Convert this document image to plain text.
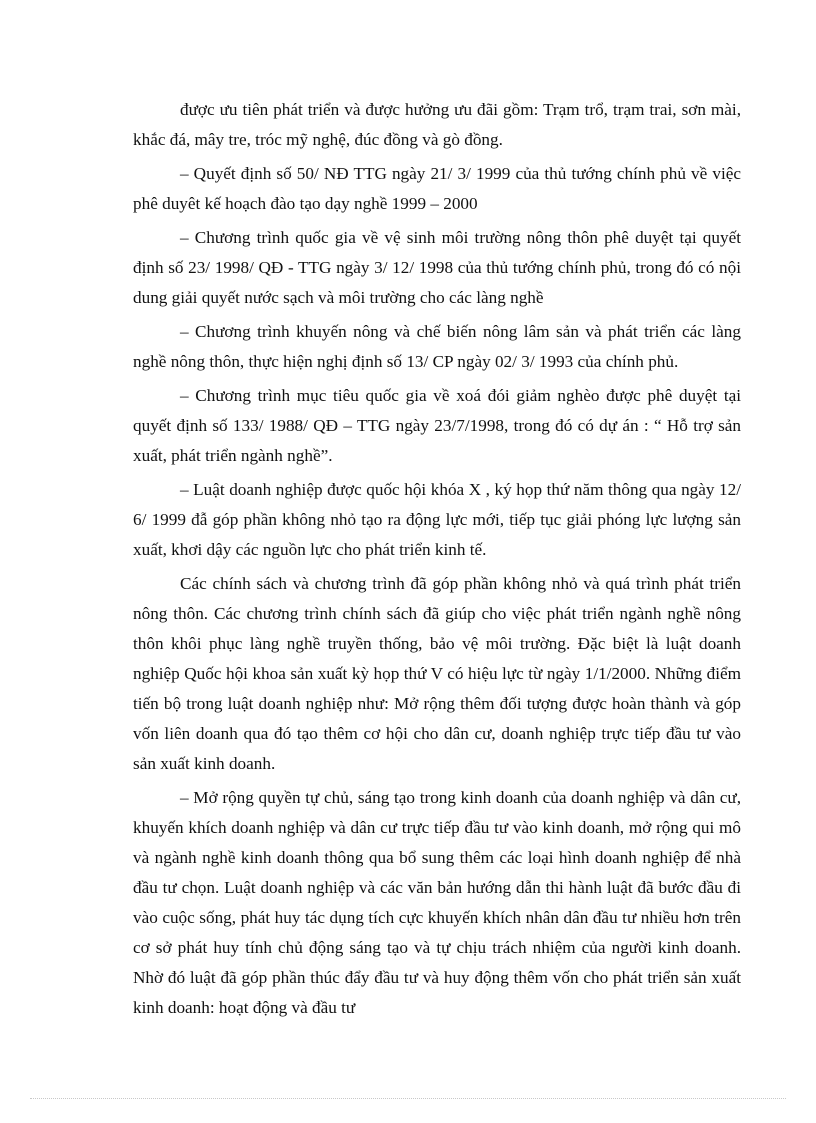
được ưu tiên phát triển và được hưởng ưu đãi gồm: Trạm trổ, trạm trai, sơn mài, khắc đá, mây tre, tróc mỹ nghệ, đúc đồng và gò đồng.

– Quyết định số 50/ NĐ TTG ngày 21/ 3/ 1999 của thủ tướng chính phủ về việc phê duyêt kế hoạch đào tạo dạy nghề 1999 – 2000

– Chương trình quốc gia về vệ sinh môi trường nông thôn phê duyệt tại quyết định số 23/ 1998/ QĐ - TTG ngày 3/ 12/ 1998 của thủ tướng chính phủ, trong đó có nội dung giải quyết nước sạch và môi trường cho các làng nghề

– Chương trình khuyến nông và chế biến nông lâm sản và phát triển các làng nghề nông thôn, thực hiện nghị định số 13/ CP ngày 02/ 3/ 1993 của chính phủ.

– Chương trình mục tiêu quốc gia về xoá đói giảm nghèo được phê duyệt tại quyết định số 133/ 1988/ QĐ – TTG ngày 23/7/1998, trong đó có dự án : “ Hỗ trợ sản xuất, phát triển ngành nghề”.

– Luật doanh nghiệp được quốc hội khóa X , ký họp thứ năm thông qua ngày 12/ 6/ 1999 đẫ góp phần không nhỏ tạo ra động lực mới, tiếp tục giải phóng lực lượng sản xuất, khơi dậy các nguồn lực cho phát triển kinh tế.

Các chính sách và chương trình đã góp phần không nhỏ và quá trình phát triển nông thôn. Các chương trình chính sách đã giúp cho việc phát triển ngành nghề nông thôn khôi phục làng nghề truyền thống, bảo vệ môi trường. Đặc biệt là luật doanh nghiệp Quốc hội khoa sản xuất kỳ họp thứ V có hiệu lực từ ngày 1/1/2000. Những điểm tiến bộ trong luật doanh nghiệp như: Mở rộng thêm đối tượng được hoàn thành và góp vốn liên doanh qua đó tạo thêm cơ hội cho dân cư, doanh nghiệp trực tiếp đầu tư vào sản xuất kinh doanh.

– Mở rộng quyền tự chủ, sáng tạo trong kinh doanh của doanh nghiệp và dân cư, khuyến khích doanh nghiệp và dân cư trực tiếp đầu tư vào kinh doanh, mở rộng qui mô và ngành nghề kinh doanh thông qua bổ sung thêm các loại hình doanh nghiệp để nhà đầu tư chọn. Luật doanh nghiệp và các văn bản hướng dẫn thi hành luật đã bước đầu đi vào cuộc sống, phát huy tác dụng tích cực khuyến khích nhân dân đầu tư nhiều hơn trên cơ sở phát huy tính chủ động sáng tạo và tự chịu trách nhiệm của người kinh doanh. Nhờ đó luật đã góp phần thúc đẩy đầu tư và huy động thêm vốn cho phát triển sản xuất kinh doanh: hoạt động và đầu tư
